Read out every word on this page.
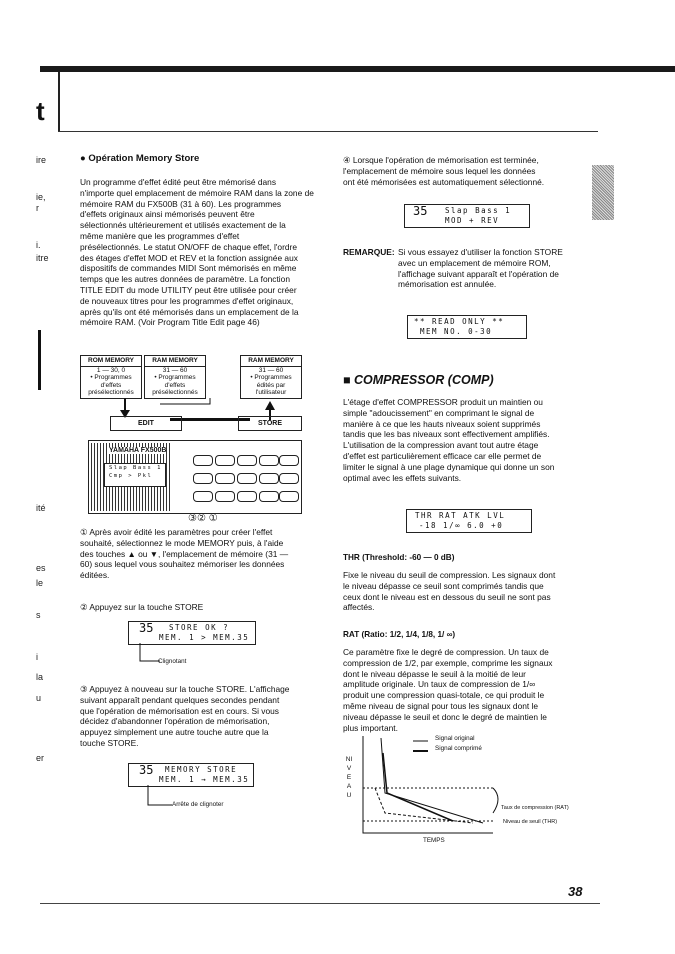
t
ire
ie,
r
i.
itre
ité
es
le
s
i
la
u
er
● Opération Memory Store
Un programme d'effet édité peut être mémorisé dans
n'importe quel emplacement de mémoire RAM dans la zone de
mémoire RAM du FX500B (31 à 60). Les programmes
d'effets originaux ainsi mémorisés peuvent être
sélectionnés ultérieurement et utilisés exactement de la
même manière que les programmes d'effet
présélectionnés. Le statut ON/OFF de chaque effet, l'ordre
des étages d'effet MOD et REV et la fonction assignée aux
dispositifs de commandes MIDI Sont mémorisés en même
temps que les autres données de paramètre. La fonction
TITLE EDIT du mode UTILITY peut être utilisée pour créer
de nouveaux titres pour les programmes d'effet originaux,
après qu'ils ont été mémorisés dans un emplacement de la
mémoire RAM. (Voir Program Title Edit page 46)
ROM MEMORY
1 — 30, 0
• Programmes
d'effets
présélectionnés
RAM MEMORY
31 — 60
• Programmes
d'effets
présélectionnés
RAM MEMORY
31 — 60
• Programmes
édités par
l'utilisateur
EDIT	STORE
YAMAHA FX500B
Slap Bass 1
Cmp > Pkl
③② ①
① Après avoir édité les paramètres pour créer l'effet
souhaité, sélectionnez le mode MEMORY puis, à l'aide
des touches ▲ ou ▼, l'emplacement de mémoire (31 —
60) sous lequel vous souhaitez mémoriser les données
éditées.
② Appuyez sur la touche STORE
35 STORE OK ?
MEM. 1 > MEM.35
Clignotant
③ Appuyez à nouveau sur la touche STORE. L'affichage
suivant apparaît pendant quelques secondes pendant
que l'opération de mémorisation est en cours. Si vous
décidez d'abandonner l'opération de mémorisation,
appuyez simplement une autre touche autre que la
touche STORE.
35 MEMORY STORE
MEM. 1 → MEM.35
Arrête de clignoter
④ Lorsque l'opération de mémorisation est terminée,
l'emplacement de mémoire sous lequel les données
ont été mémorisées est automatiquement sélectionné.
35 Slap Bass 1
MOD + REV
REMARQUE: Si vous essayez d'utiliser la fonction STORE
avec un emplacement de mémoire ROM,
l'affichage suivant apparaît et l'opération de
mémorisation est annulée.
** READ ONLY **
MEM NO. 0-30
■ COMPRESSOR (COMP)
L'étage d'effet COMPRESSOR produit un maintien ou
simple "adoucissement" en comprimant le signal de
manière à ce que les hauts niveaux soient supprimés
tandis que les bas niveaux sont effectivement amplifiés.
L'utilisation de la compression avant tout autre étage
d'effet est particulièrement efficace car elle permet de
limiter le signal à une plage dynamique qui donne un son
optimal avec les effets suivants.
THR RAT ATK LVL
-18 1/∞ 6.0 +0
THR (Threshold: -60 — 0 dB)
Fixe le niveau du seuil de compression. Les signaux dont
le niveau dépasse ce seuil sont comprimés tandis que
ceux dont le niveau est en dessous du seuil ne sont pas
affectés.
RAT (Ratio: 1/2, 1/4, 1/8, 1/ ∞)
Ce paramètre fixe le degré de compression. Un taux de
compression de 1/2, par exemple, comprime les signaux
dont le niveau dépasse le seuil à la moitié de leur
amplitude originale. Un taux de compression de 1/∞
produit une compression quasi-totale, ce qui produit le
même niveau de signal pour tous les signaux dont le
niveau dépasse le seuil et donc le degré de maintien le
plus important.
NIVEAU
Signal original
Signal comprimé
Taux de compression (RAT)
Niveau de seuil (THR)
TEMPS
38
